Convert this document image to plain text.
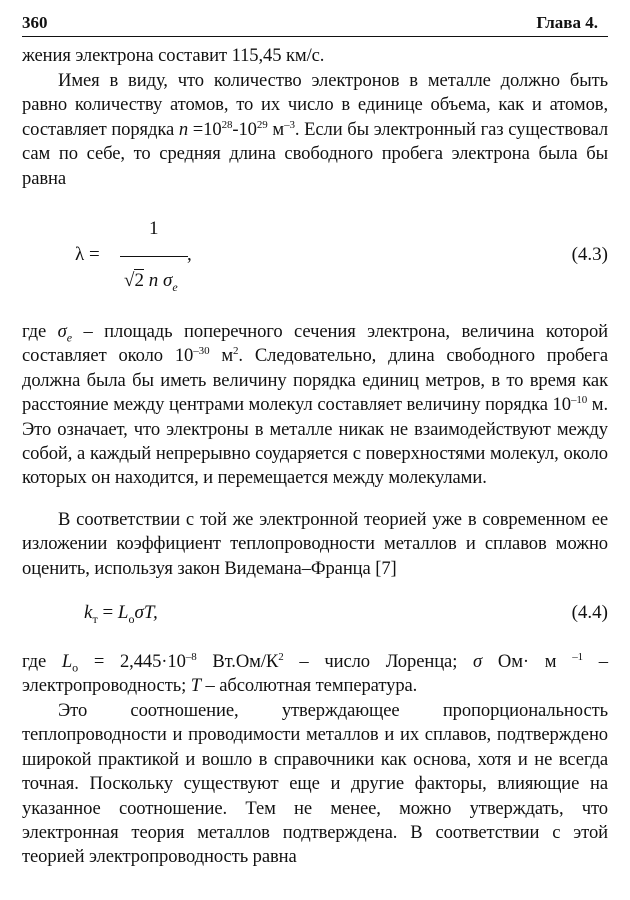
360	Глава 4.
жения электрона составит 115,45 км/с.
Имея в виду, что количество электронов в металле должно быть равно количеству атомов, то их число в единице объема, как и атомов, составляет порядка $n =10^{28}-10^{29}$ $м^{-3}$. Если бы электронный газ существовал сам по себе, то средняя длина свободного пробега электрона была бы равна
λ =
1
,
√2 n $\sigma_e$
(4.3)
где $\sigma_e$ – площадь поперечного сечения электрона, величина которой составляет около $10^{-30}$ $м^2$. Следовательно, длина свободного пробега должна была бы иметь величину порядка единиц метров, в то время как расстояние между центрами молекул составляет величину порядка $10^{-10}$ м. Это означает, что электроны в металле никак не взаимодействуют между собой, а каждый непрерывно соударяется с поверхностями молекул, около которых он находится, и перемещается между молекулами.
В соответствии с той же электронной теорией уже в современном ее изложении коэффициент теплопроводности металлов и сплавов можно оценить, используя закон Видемана–Франца [7]
$k_т = L_o\sigma T$,	(4.4)
где $L_o = 2,445\cdot 10^{-8}$ $Вт.Ом/К^2$ – число Лоренца; σ Ом· м $^{-1}$ – электропроводность; T – абсолютная температура.
Это соотношение, утверждающее пропорциональность теплопроводности и проводимости металлов и их сплавов, подтверждено широкой практикой и вошло в справочники как основа, хотя и не всегда точная. Поскольку существуют еще и другие факторы, влияющие на указанное соотношение. Тем не менее, можно утверждать, что электронная теория металлов подтверждена. В соответствии с этой теорией электропроводность равна
